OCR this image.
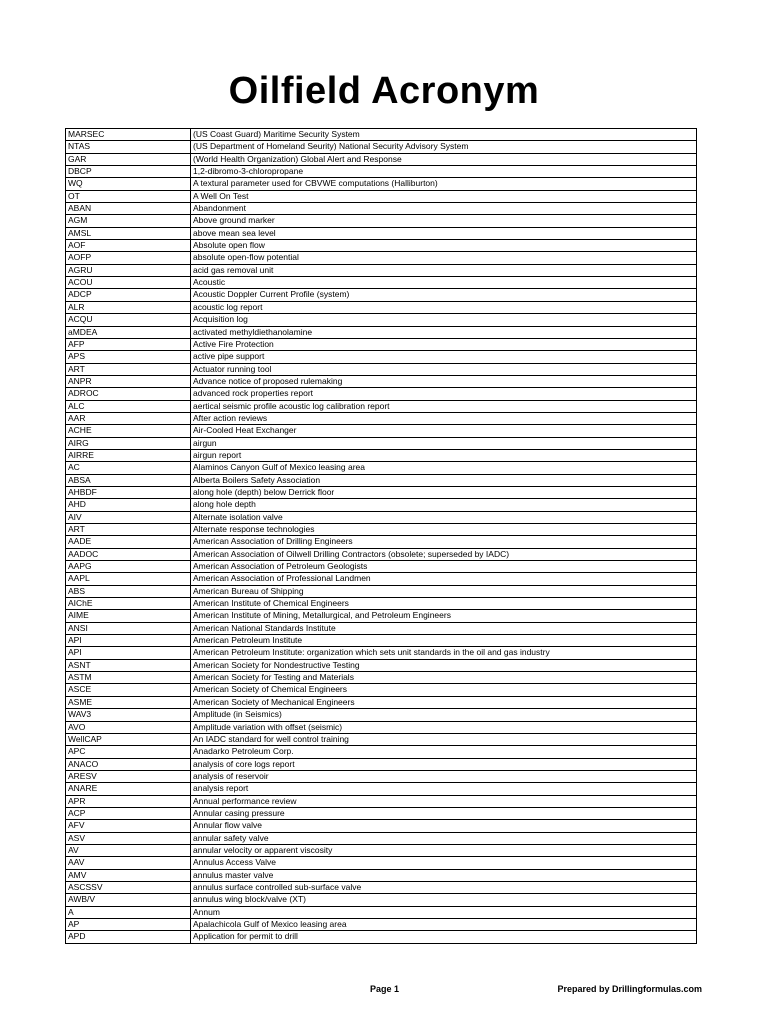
Oilfield Acronym
MARSEC	(US Coast Guard) Maritime Security System
NTAS	(US Department of Homeland Seurity) National Security Advisory System
GAR	(World Health Organization) Global Alert and Response
DBCP	1,2-dibromo-3-chloropropane
WQ	A textural parameter used for CBVWE computations (Halliburton)
OT	A Well On Test
ABAN	Abandonment
AGM	Above ground marker
AMSL	above mean sea level
AOF	Absolute open flow
AOFP	absolute open-flow potential
AGRU	acid gas removal unit
ACOU	Acoustic
ADCP	Acoustic Doppler Current Profile (system)
ALR	acoustic log report
ACQU	Acquisition log
aMDEA	activated methyldiethanolamine
AFP	Active Fire Protection
APS	active pipe support
ART	Actuator running tool
ANPR	Advance notice of proposed rulemaking
ADROC	advanced rock properties report
ALC	aertical seismic profile acoustic log calibration report
AAR	After action reviews
ACHE	Air-Cooled Heat Exchanger
AIRG	airgun
AIRRE	airgun report
AC	Alaminos Canyon Gulf of Mexico leasing area
ABSA	Alberta Boilers Safety Association
AHBDF	along hole (depth) below Derrick floor
AHD	along hole depth
AIV	Alternate isolation valve
ART	Alternate response technologies
AADE	American Association of Drilling Engineers
AADOC	American Association of Oilwell Drilling Contractors (obsolete; superseded by IADC)
AAPG	American Association of Petroleum Geologists
AAPL	American Association of Professional Landmen
ABS	American Bureau of Shipping
AIChE	American Institute of Chemical Engineers
AIME	American Institute of Mining, Metallurgical, and Petroleum Engineers
ANSI	American National Standards Institute
API	American Petroleum Institute
API	American Petroleum Institute: organization which sets unit standards in the oil and gas industry
ASNT	American Society for Nondestructive Testing
ASTM	American Society for Testing and Materials
ASCE	American Society of Chemical Engineers
ASME	American Society of Mechanical Engineers
WAV3	Amplitude (in Seismics)
AVO	Amplitude variation with offset (seismic)
WellCAP	An IADC standard for well control training
APC	Anadarko Petroleum Corp.
ANACO	analysis of core logs report
ARESV	analysis of reservoir
ANARE	analysis report
APR	Annual performance review
ACP	Annular casing pressure
AFV	Annular flow valve
ASV	annular safety valve
AV	annular velocity or apparent viscosity
AAV	Annulus Access Valve
AMV	annulus master valve
ASCSSV	annulus surface controlled sub-surface valve
AWB/V	annulus wing block/valve (XT)
A	Annum
AP	Apalachicola Gulf of Mexico leasing area
APD	Application for permit to drill
Page 1	Prepared by Drillingformulas.com
